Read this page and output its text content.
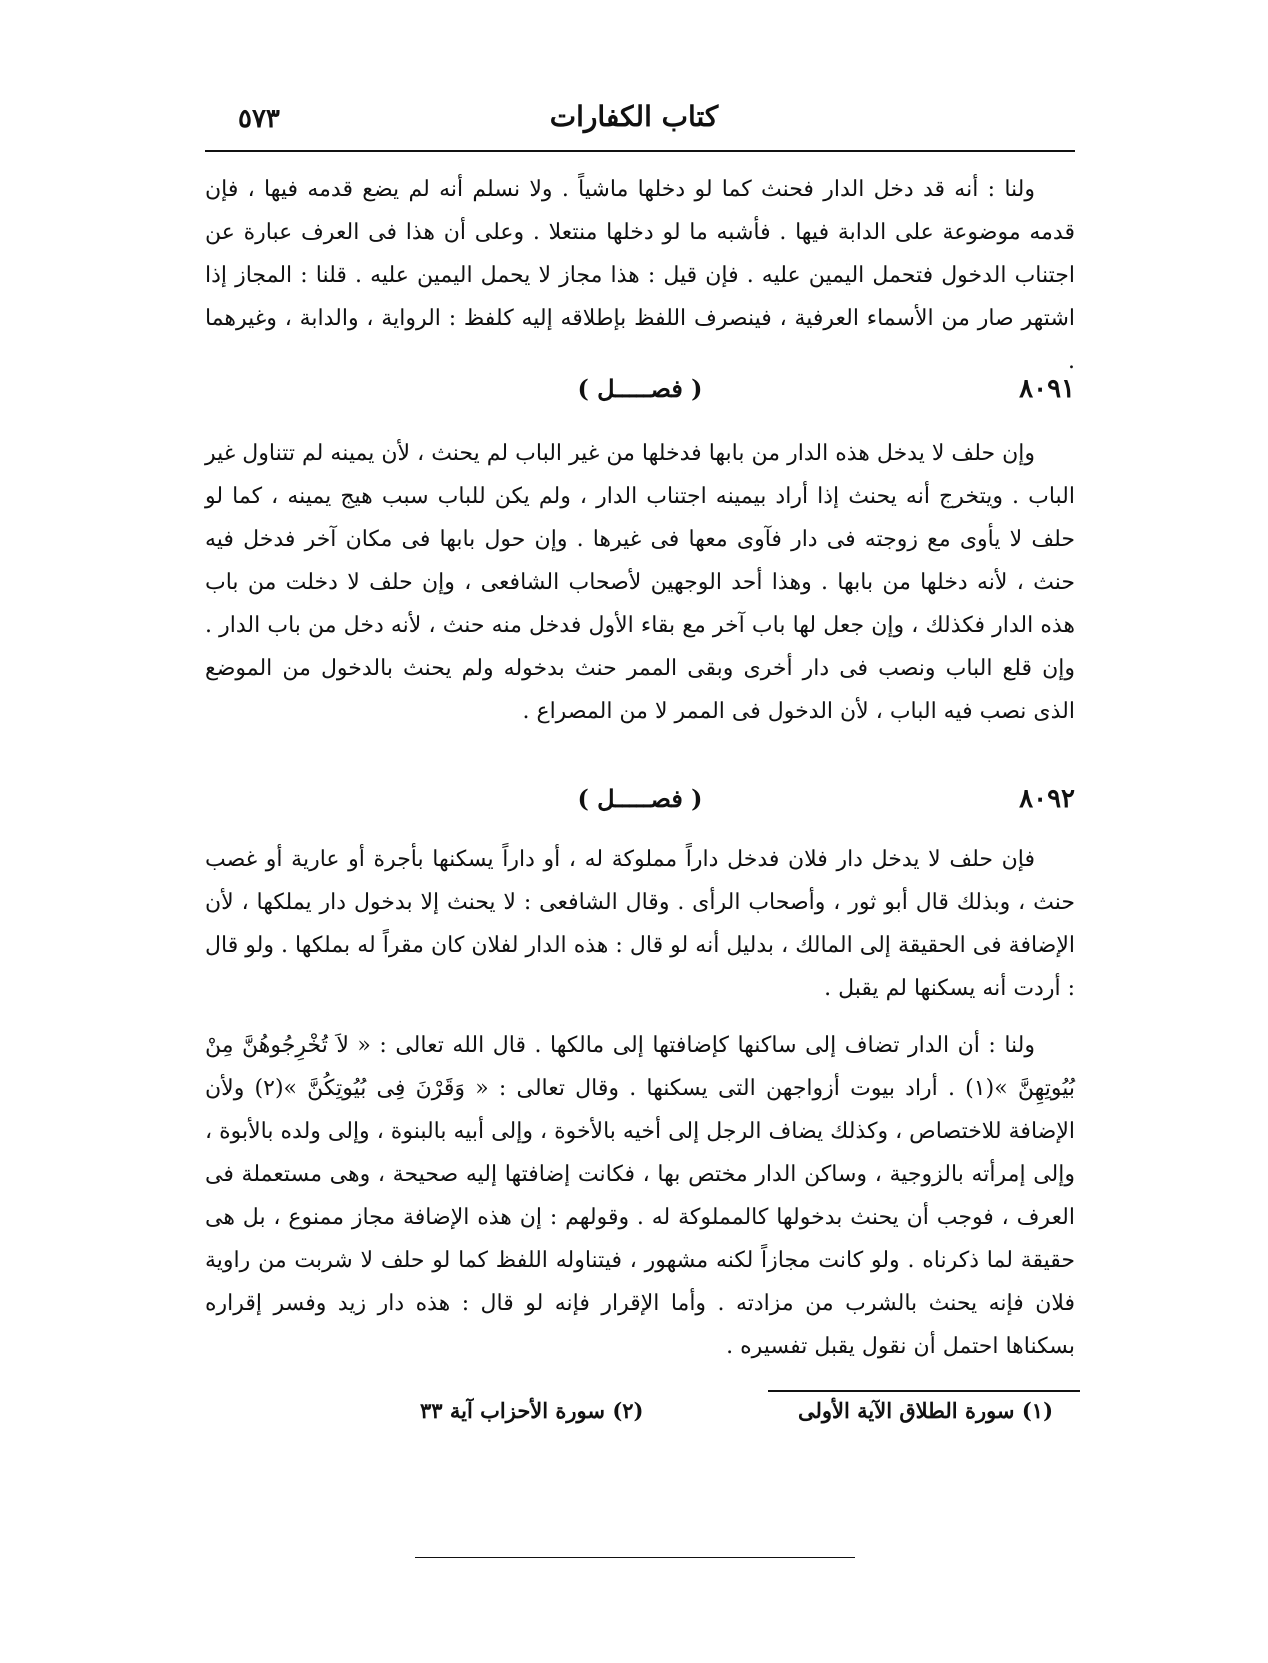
٥٧٣	كتاب الكفارات

ولنا : أنه قد دخل الدار فحنث كما لو دخلها ماشياً . ولا نسلم أنه لم يضع قدمه فيها ، فإن قدمه موضوعة على الدابة فيها . فأشبه ما لو دخلها منتعلا . وعلى أن هذا فى العرف عبارة عن اجتناب الدخول فتحمل اليمين عليه . فإن قيل : هذا مجاز لا يحمل اليمين عليه . قلنا : المجاز إذا اشتهر صار من الأسماء العرفية ، فينصرف اللفظ بإطلاقه إليه كلفظ : الرواية ، والدابة ، وغيرهما .

٨٠٩١
( فصـــــل )

وإن حلف لا يدخل هذه الدار من بابها فدخلها من غير الباب لم يحنث ، لأن يمينه لم تتناول غير الباب . ويتخرج أنه يحنث إذا أراد بيمينه اجتناب الدار ، ولم يكن للباب سبب هيج يمينه ، كما لو حلف لا يأوى مع زوجته فى دار فآوى معها فى غيرها . وإن حول بابها فى مكان آخر فدخل فيه حنث ، لأنه دخلها من بابها . وهذا أحد الوجهين لأصحاب الشافعى ، وإن حلف لا دخلت من باب هذه الدار فكذلك ، وإن جعل لها باب آخر مع بقاء الأول فدخل منه حنث ، لأنه دخل من باب الدار . وإن قلع الباب ونصب فى دار أخرى وبقى الممر حنث بدخوله ولم يحنث بالدخول من الموضع الذى نصب فيه الباب ، لأن الدخول فى الممر لا من المصراع .

٨٠٩٢
( فصـــــل )

فإن حلف لا يدخل دار فلان فدخل داراً مملوكة له ، أو داراً يسكنها بأجرة أو عارية أو غصب حنث ، وبذلك قال أبو ثور ، وأصحاب الرأى . وقال الشافعى : لا يحنث إلا بدخول دار يملكها ، لأن الإضافة فى الحقيقة إلى المالك ، بدليل أنه لو قال : هذه الدار لفلان كان مقراً له بملكها . ولو قال : أردت أنه يسكنها لم يقبل .

ولنا : أن الدار تضاف إلى ساكنها كإضافتها إلى مالكها . قال الله تعالى : « لاَ تُخْرِجُوهُنَّ مِنْ بُيُوتِهِنَّ »(١) . أراد بيوت أزواجهن التى يسكنها . وقال تعالى : « وَقَرْنَ فِى بُيُوتِكُنَّ »(٢) ولأن الإضافة للاختصاص ، وكذلك يضاف الرجل إلى أخيه بالأخوة ، وإلى أبيه بالبنوة ، وإلى ولده بالأبوة ، وإلى إمرأته بالزوجية ، وساكن الدار مختص بها ، فكانت إضافتها إليه صحيحة ، وهى مستعملة فى العرف ، فوجب أن يحنث بدخولها كالمملوكة له . وقولهم : إن هذه الإضافة مجاز ممنوع ، بل هى حقيقة لما ذكرناه . ولو كانت مجازاً لكنه مشهور ، فيتناوله اللفظ كما لو حلف لا شربت من راوية فلان فإنه يحنث بالشرب من مزادته . وأما الإقرار فإنه لو قال : هذه دار زيد وفسر إقراره بسكناها احتمل أن نقول يقبل تفسيره .

(١) سورة الطلاق الآية الأولى
(٢) سورة الأحزاب آية ٣٣
